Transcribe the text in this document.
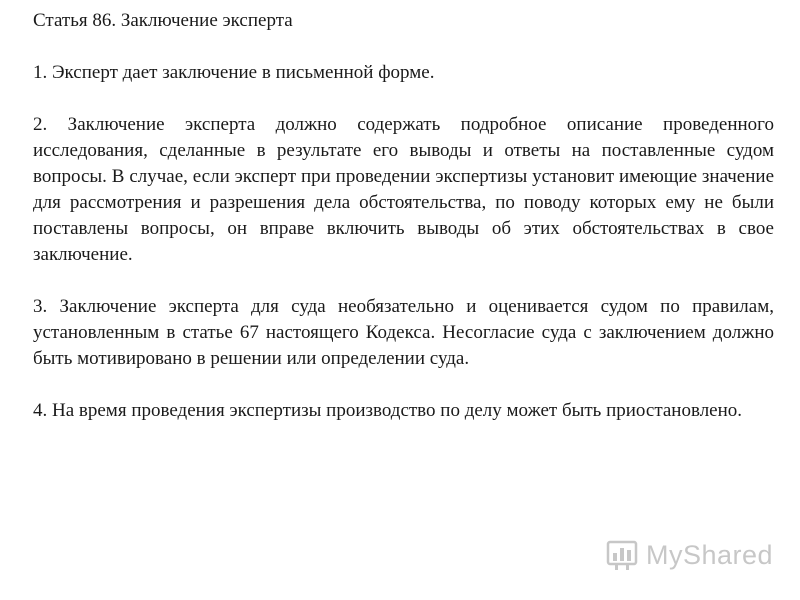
Статья 86. Заключение эксперта

1. Эксперт дает заключение в письменной форме.

2. Заключение эксперта должно содержать подробное описание проведенного исследования, сделанные в результате его выводы и ответы на поставленные судом вопросы. В случае, если эксперт при проведении экспертизы установит имеющие значение для рассмотрения и разрешения дела обстоятельства, по поводу которых ему не были поставлены вопросы, он вправе включить выводы об этих обстоятельствах в свое заключение.

3. Заключение эксперта для суда необязательно и оценивается судом по правилам, установленным в статье 67 настоящего Кодекса. Несогласие суда с заключением должно быть мотивировано в решении или определении суда.

4. На время проведения экспертизы производство по делу может быть приостановлено.

MyShared
